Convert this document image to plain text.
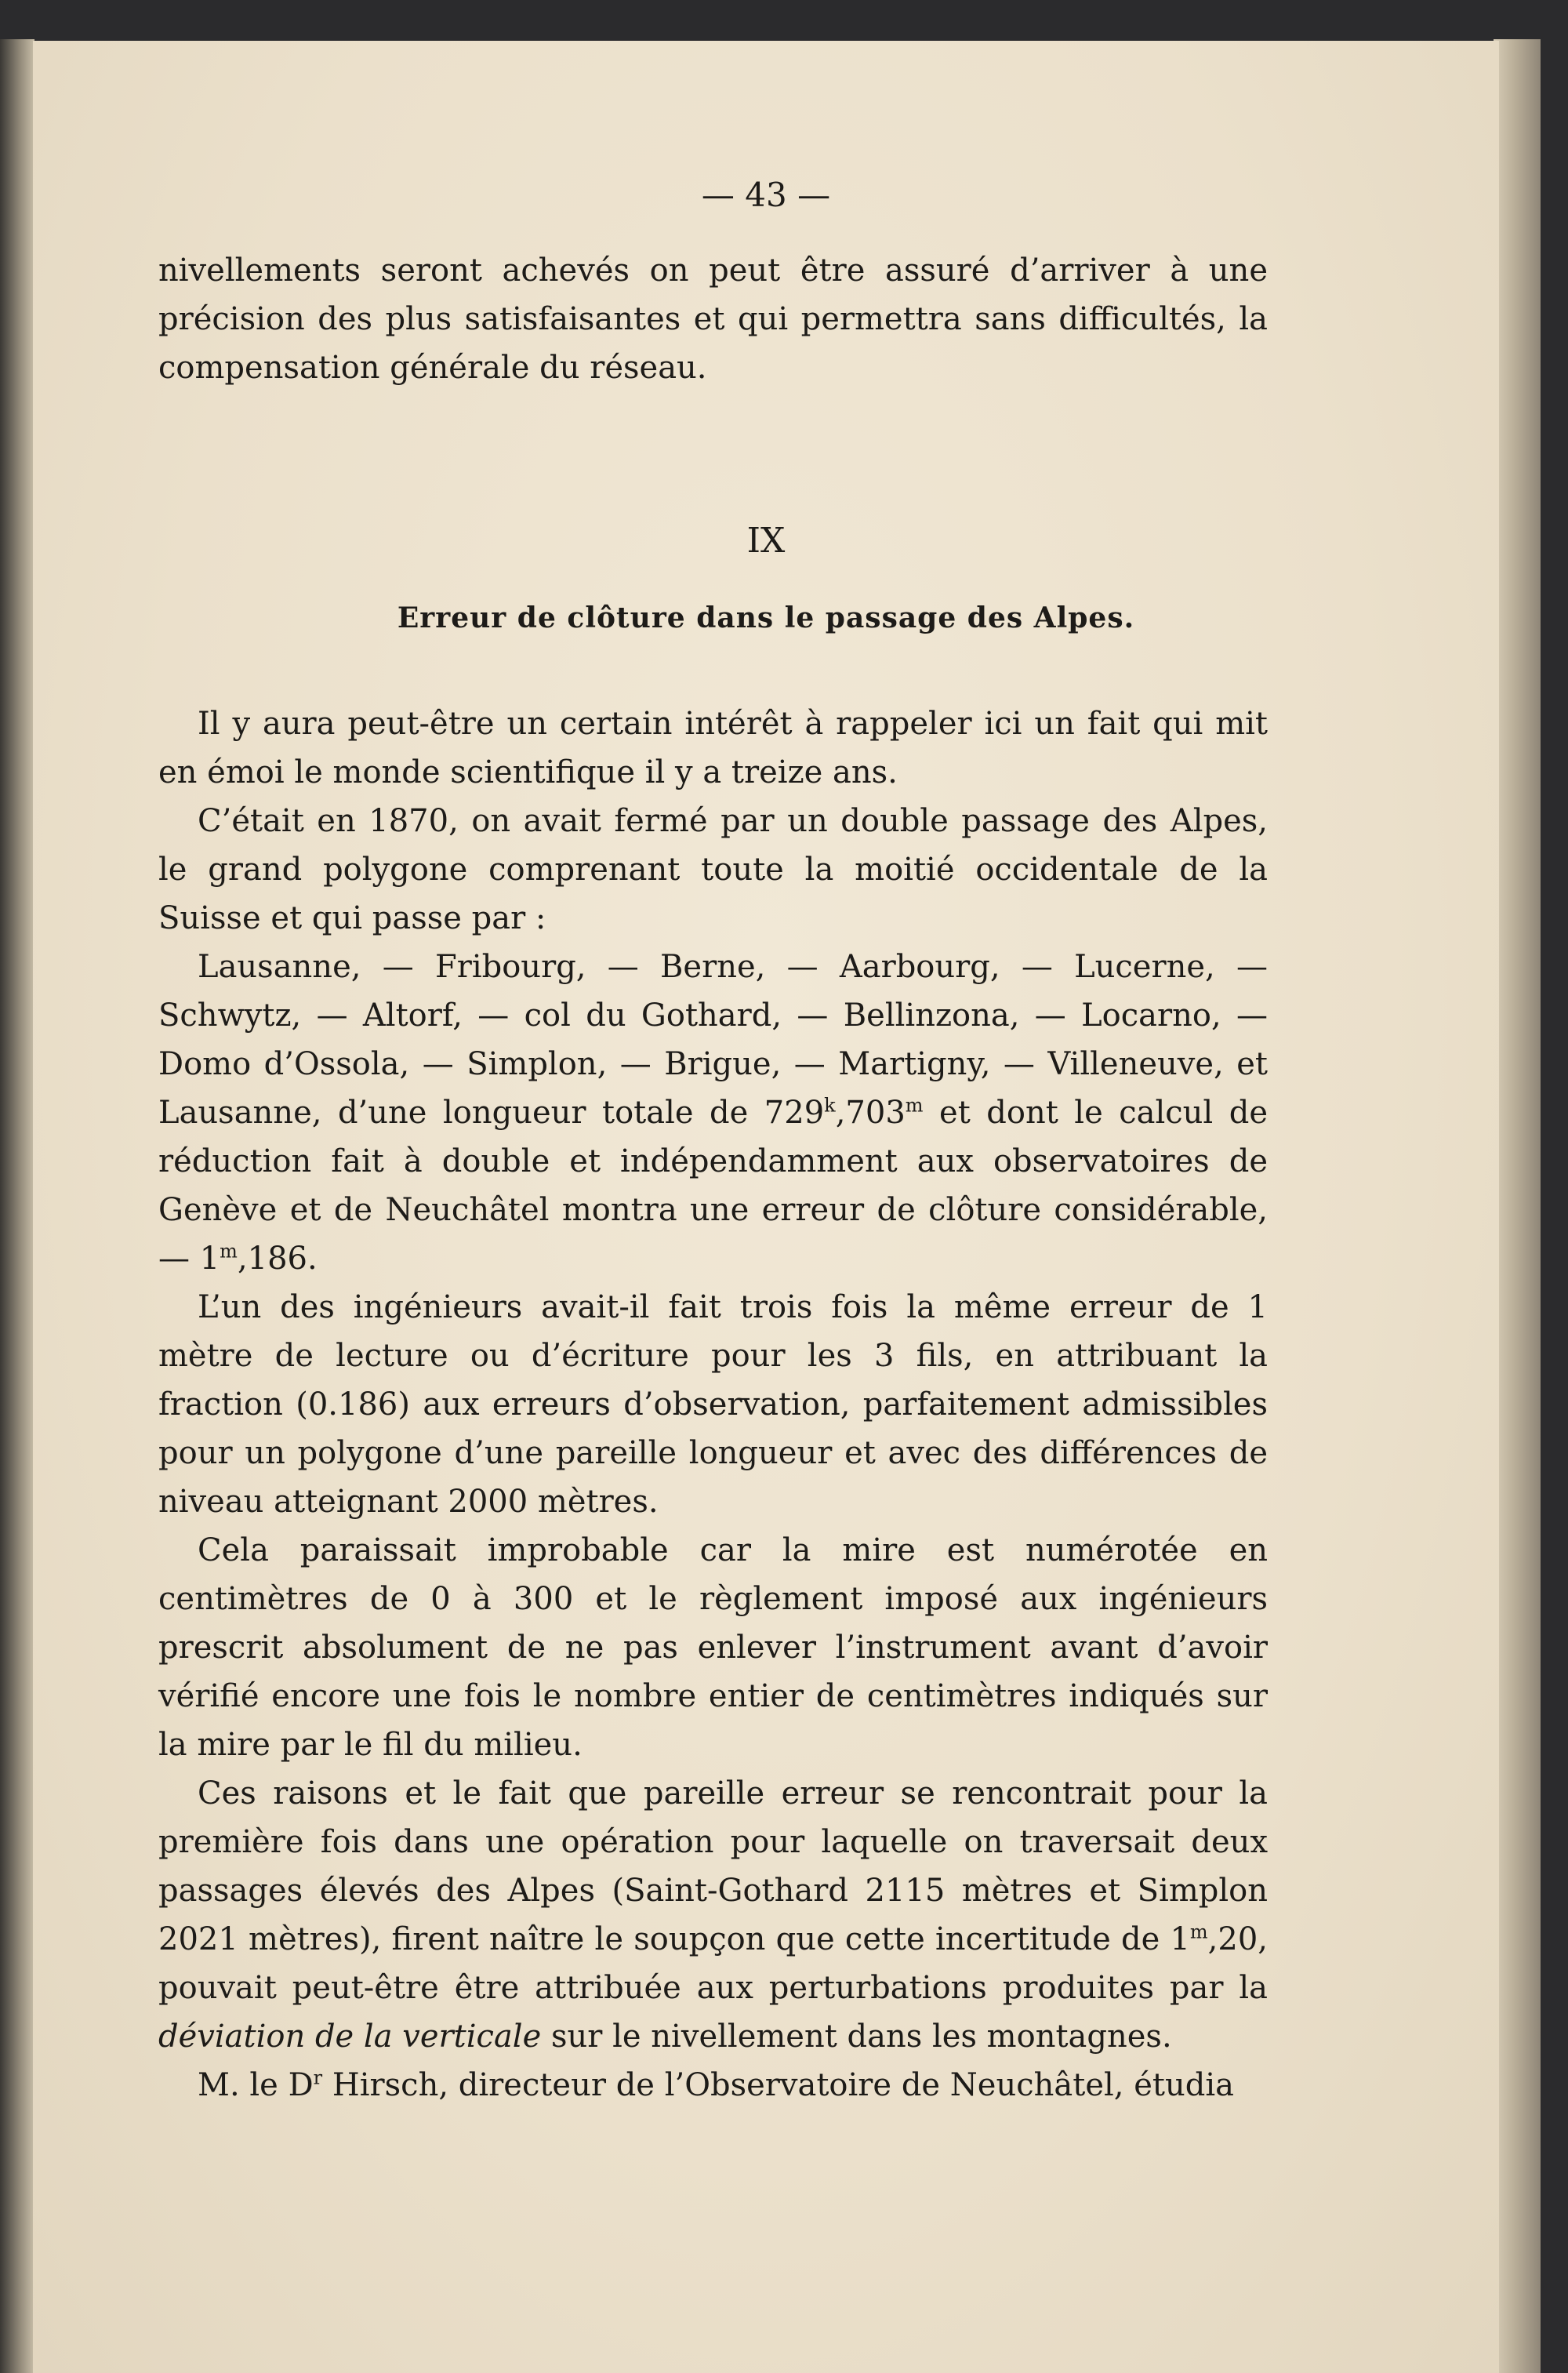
— 43 —

nivellements seront achevés on peut être assuré d’arriver à une précision des plus satisfaisantes et qui permettra sans difficultés, la compensation générale du réseau.

IX
Erreur de clôture dans le passage des Alpes.

Il y aura peut-être un certain intérêt à rappeler ici un fait qui mit en émoi le monde scientifique il y a treize ans.

C’était en 1870, on avait fermé par un double passage des Alpes, le grand polygone comprenant toute la moitié occidentale de la Suisse et qui passe par :

Lausanne, — Fribourg, — Berne, — Aarbourg, — Lucerne, — Schwytz, — Altorf, — col du Gothard, — Bellinzona, — Locarno, — Domo d’Ossola, — Simplon, — Brigue, — Martigny, — Villeneuve, et Lausanne, d’une longueur totale de 729$^k$,703$^m$ et dont le calcul de réduction fait à double et indépendamment aux observatoires de Genève et de Neuchâtel montra une erreur de clôture considérable, — 1$^m$,186.

L’un des ingénieurs avait-il fait trois fois la même erreur de 1 mètre de lecture ou d’écriture pour les 3 fils, en attribuant la fraction (0.186) aux erreurs d’observation, parfaitement admissibles pour un polygone d’une pareille longueur et avec des différences de niveau atteignant 2000 mètres.

Cela paraissait improbable car la mire est numérotée en centimètres de 0 à 300 et le règlement imposé aux ingénieurs prescrit absolument de ne pas enlever l’instrument avant d’avoir vérifié encore une fois le nombre entier de centimètres indiqués sur la mire par le fil du milieu.

Ces raisons et le fait que pareille erreur se rencontrait pour la première fois dans une opération pour laquelle on traversait deux passages élevés des Alpes (Saint-Gothard 2115 mètres et Simplon 2021 mètres), firent naître le soupçon que cette incertitude de 1$^m$,20, pouvait peut-être être attribuée aux perturbations produites par la déviation de la verticale sur le nivellement dans les montagnes.

M. le $D^r$ Hirsch, directeur de l’Observatoire de Neuchâtel, étudia
